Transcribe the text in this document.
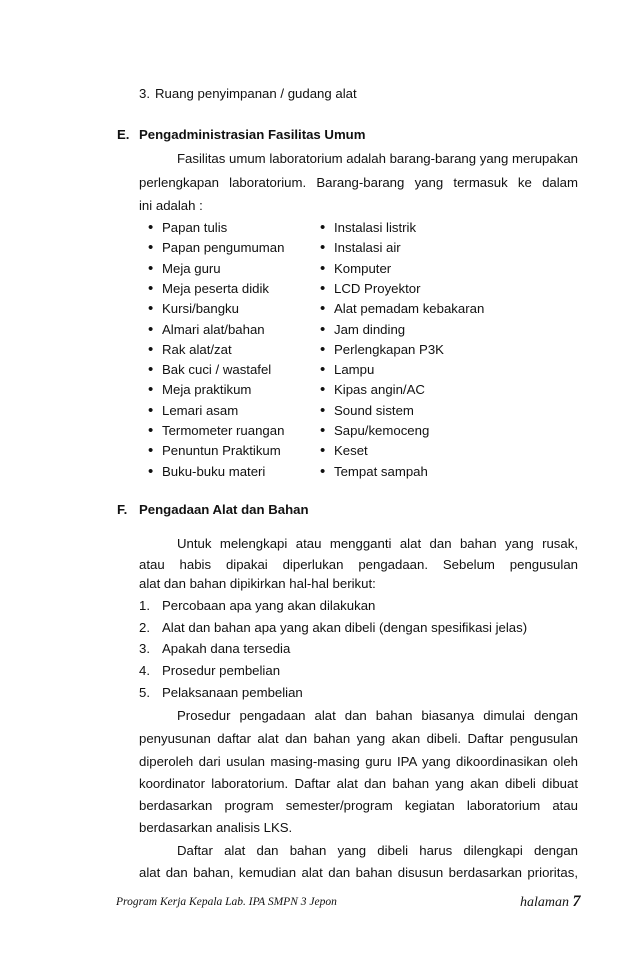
3. Ruang penyimpanan / gudang alat
E. Pengadministrasian Fasilitas Umum
Fasilitas umum laboratorium adalah barang-barang yang merupakan
perlengkapan laboratorium. Barang-barang yang termasuk ke dalam
ini adalah :
• Papan tulis
• Papan pengumuman
• Meja guru
• Meja peserta didik
• Kursi/bangku
• Almari alat/bahan
• Rak alat/zat
• Bak cuci / wastafel
• Meja praktikum
• Lemari asam
• Termometer ruangan
• Penuntun Praktikum
• Buku-buku materi
• Instalasi listrik
• Instalasi air
• Komputer
• LCD Proyektor
• Alat pemadam kebakaran
• Jam dinding
• Perlengkapan P3K
• Lampu
• Kipas angin/AC
• Sound sistem
• Sapu/kemoceng
• Keset
• Tempat sampah
F. Pengadaan Alat dan Bahan
Untuk melengkapi atau mengganti alat dan bahan yang rusak,
atau habis dipakai diperlukan pengadaan. Sebelum pengusulan
alat dan bahan dipikirkan hal-hal berikut:
1. Percobaan apa yang akan dilakukan
2. Alat dan bahan apa yang akan dibeli (dengan spesifikasi jelas)
3. Apakah dana tersedia
4. Prosedur pembelian
5. Pelaksanaan pembelian
Prosedur pengadaan alat dan bahan biasanya dimulai dengan
penyusunan daftar alat dan bahan yang akan dibeli. Daftar pengusulan
diperoleh dari usulan masing-masing guru IPA yang dikoordinasikan oleh
koordinator laboratorium. Daftar alat dan bahan yang akan dibeli dibuat
berdasarkan program semester/program kegiatan laboratorium atau
berdasarkan analisis LKS.
Daftar alat dan bahan yang dibeli harus dilengkapi dengan
alat dan bahan, kemudian alat dan bahan disusun berdasarkan prioritas,
Program Kerja Kepala Lab. IPA SMPN 3 Jepon	halaman 7
